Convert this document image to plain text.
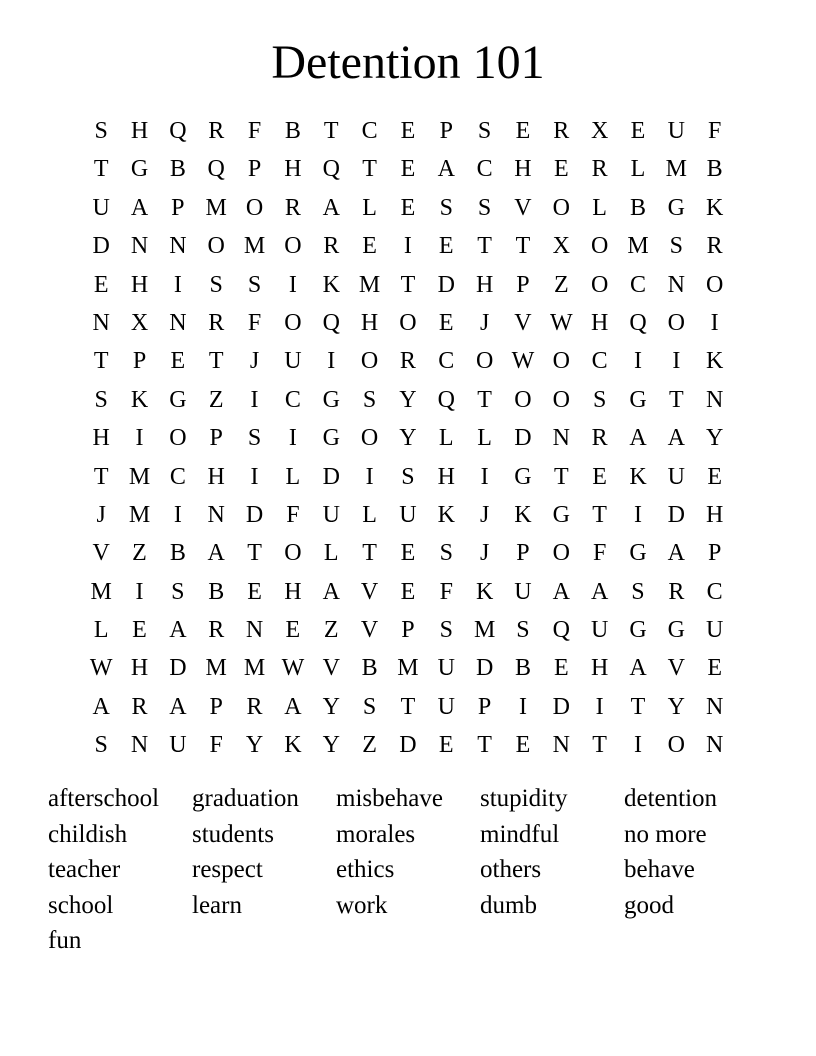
Detention 101
S H Q R F B T C E	P	S	E R X E U F
T G B Q P H Q T E A C H E R L M B
U A P M O R A L E	S	S V O L B G K
D N N O M O R E	I	E T T X O M S R
E H	I	S	S	I	K M T D H P	Z O C N O
N X N R F O Q H O E	J	V W H Q O	I
T	P	E T	J	U	I	O R C O W O C	I	I	K
S K G Z	I	C G S Y Q T O O S G T N
H	I	O P	S	I	G O Y L L D N R A A Y
T M C H	I	L D	I	S H	I	G T E K U E
J M I	N D F U L U K	J	K G T	I	D H
V Z B A T O L T E	S	J	P O F G A P
M I	S B E H A V E	F K U A A S R C
L E A R N E Z V P	S M S Q U G G U
W H D M M W V B M U D B E H A V E
A R A P R A Y S	T U P	I	D	I	T Y N
S N U F Y K Y Z D E T E N T	I	O N
afterschool	graduation	misbehave	stupidity	detention
childish	students	morales	mindful	no more
teacher	respect	ethics	others	behave
school	learn	work	dumb	good
fun
